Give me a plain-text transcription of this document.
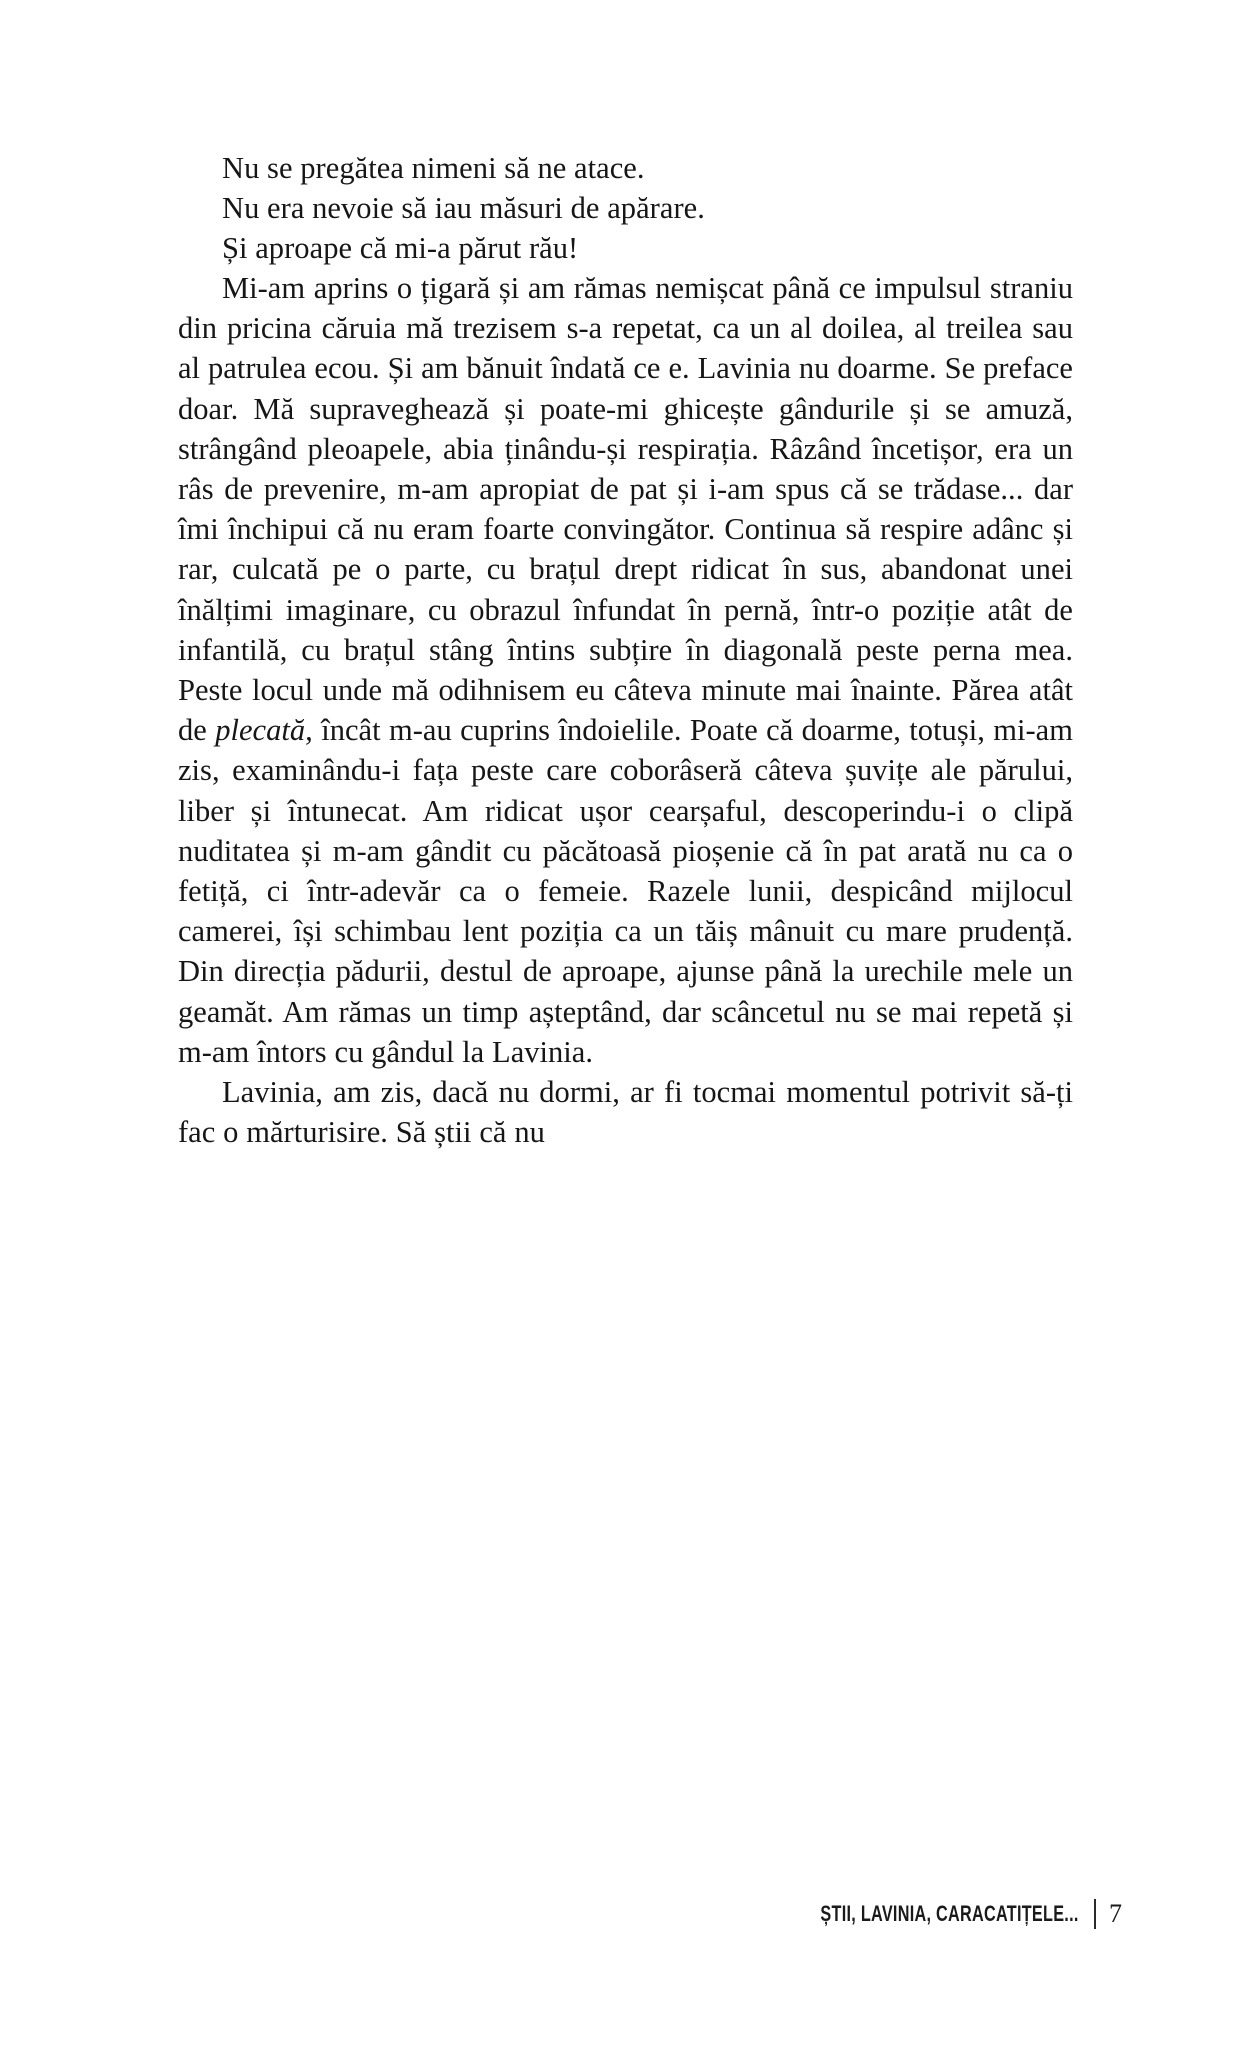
Nu se pregătea nimeni să ne atace.
Nu era nevoie să iau măsuri de apărare.
Și aproape că mi-a părut rău!

Mi-am aprins o țigară și am rămas nemișcat până ce impulsul straniu din pricina căruia mă trezisem s-a repetat, ca un al doilea, al treilea sau al patrulea ecou. Și am bănuit îndată ce e. Lavinia nu doarme. Se preface doar. Mă supraveghează și poate-mi ghicește gândurile și se amuză, strângând pleoapele, abia ținându-și respirația. Râzând încetișor, era un râs de prevenire, m-am apropiat de pat și i-am spus că se trădase... dar îmi închipui că nu eram foarte convingător. Continua să respire adânc și rar, culcată pe o parte, cu brațul drept ridicat în sus, abandonat unei înălțimi imaginare, cu obrazul înfundat în pernă, într-o poziție atât de infantilă, cu brațul stâng întins subțire în diagonală peste perna mea. Peste locul unde mă odihnisem eu câteva minute mai înainte. Părea atât de plecată, încât m-au cuprins îndoielile. Poate că doarme, totuși, mi-am zis, examinându-i fața peste care coborâseră câteva șuvițe ale părului, liber și întunecat. Am ridicat ușor cearșaful, descoperindu-i o clipă nuditatea și m-am gândit cu păcătoasă pioșenie că în pat arată nu ca o fetiță, ci într-adevăr ca o femeie. Razele lunii, despicând mijlocul camerei, își schimbau lent poziția ca un tăiș mânuit cu mare prudență. Din direcția pădurii, destul de aproape, ajunse până la urechile mele un geamăt. Am rămas un timp așteptând, dar scâncetul nu se mai repetă și m-am întors cu gândul la Lavinia.

Lavinia, am zis, dacă nu dormi, ar fi tocmai momentul potrivit să-ți fac o mărturisire. Să știi că nu

ȘTII, LAVINIA, CARACATIȚELE... 7
